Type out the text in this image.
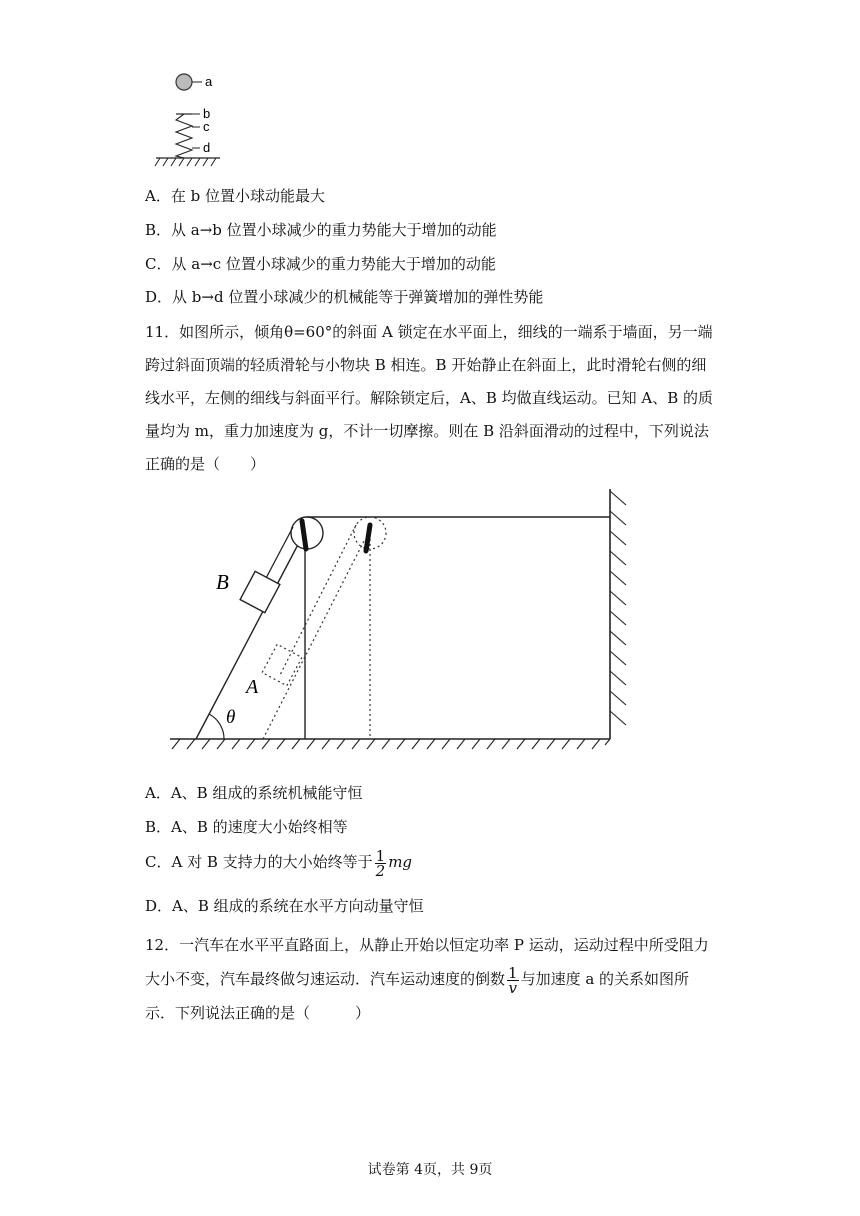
a
b
c
d
A．在 b 位置小球动能最大
B．从 a→b 位置小球减少的重力势能大于增加的动能
C．从 a→c 位置小球减少的重力势能大于增加的动能
D．从 b→d 位置小球减少的机械能等于弹簧增加的弹性势能
11．如图所示，倾角θ=60°的斜面 A 锁定在水平面上，细线的一端系于墙面，另一端跨过斜面顶端的轻质滑轮与小物块 B 相连。B 开始静止在斜面上，此时滑轮右侧的细线水平，左侧的细线与斜面平行。解除锁定后，A、B 均做直线运动。已知 A、B 的质量均为 m，重力加速度为 g，不计一切摩擦。则在 B 沿斜面滑动的过程中，下列说法正确的是（　　）
B
A
θ
A．A、B 组成的系统机械能守恒
B．A、B 的速度大小始终相等
C．A 对 B 支持力的大小始终等于 $\frac{1}{2}$ mg
D．A、B 组成的系统在水平方向动量守恒
12．一汽车在水平平直路面上，从静止开始以恒定功率 P 运动，运动过程中所受阻力大小不变，汽车最终做匀速运动．汽车运动速度的倒数 $\frac{1}{v}$ 与加速度 a 的关系如图所示．下列说法正确的是（　　　）
试卷第 4页，共 9页
